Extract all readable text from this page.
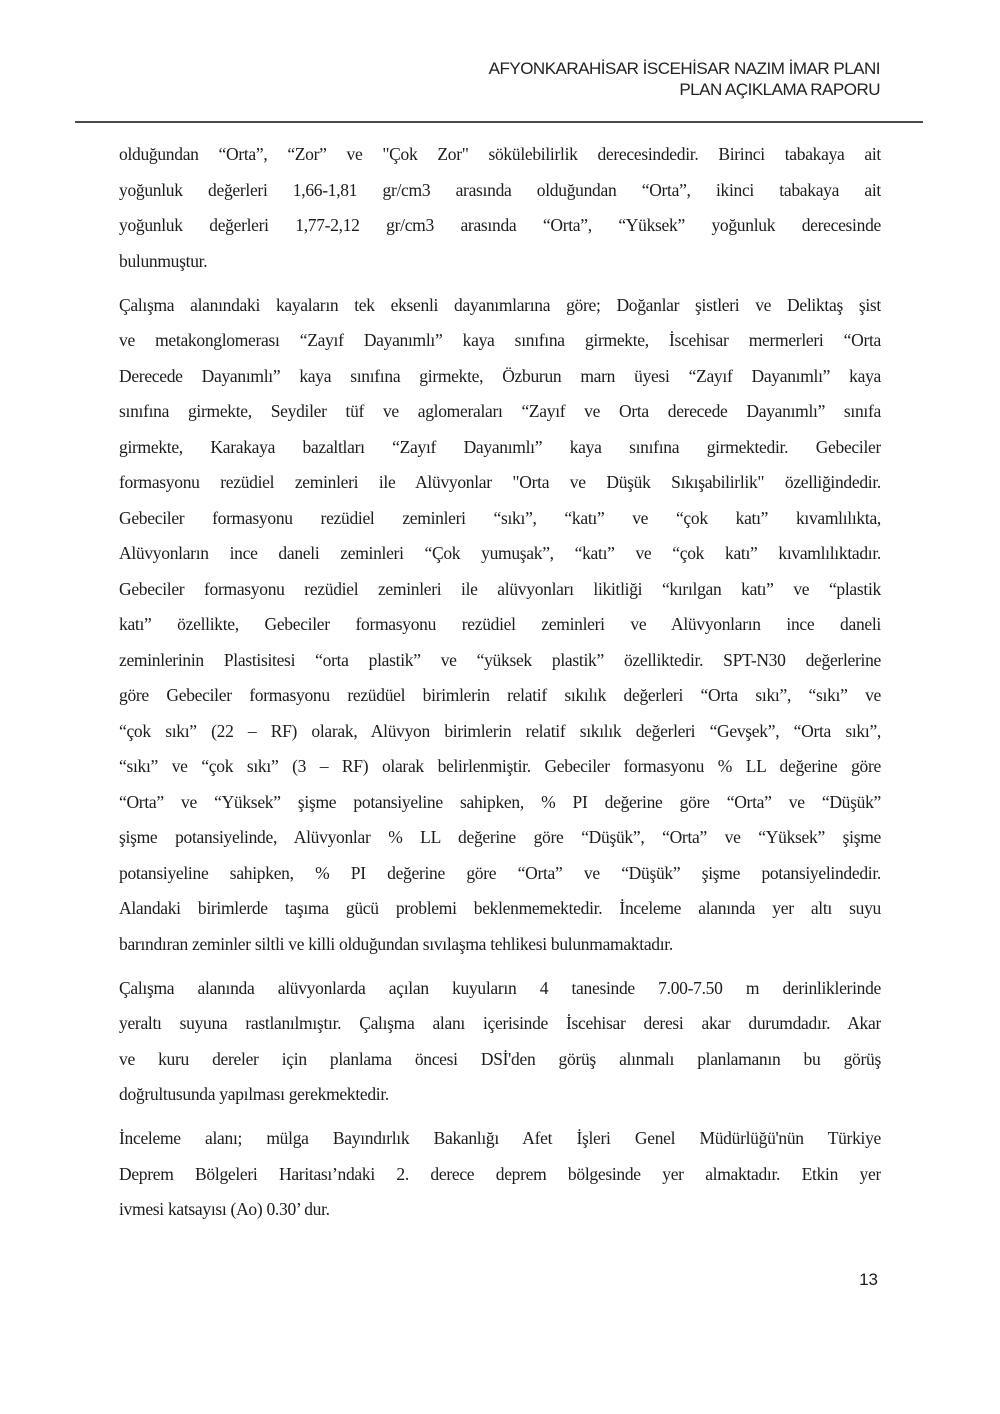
AFYONKARAHİSAR İSCEHİSAR NAZIM İMAR PLANI
PLAN AÇIKLAMA RAPORU
olduğundan “Orta”, “Zor” ve "Çok Zor" sökülebilirlik derecesindedir. Birinci tabakaya ait
yoğunluk değerleri 1,66-1,81 gr/cm3 arasında olduğundan “Orta”, ikinci tabakaya ait
yoğunluk değerleri 1,77-2,12 gr/cm3 arasında “Orta”, “Yüksek” yoğunluk derecesinde
bulunmuştur.
Çalışma alanındaki kayaların tek eksenli dayanımlarına göre; Doğanlar şistleri ve Deliktaş şist
ve metakonglomerası “Zayıf Dayanımlı” kaya sınıfına girmekte, İscehisar mermerleri “Orta
Derecede Dayanımlı” kaya sınıfına girmekte, Özburun marn üyesi “Zayıf Dayanımlı” kaya
sınıfına girmekte, Seydiler tüf ve aglomeraları “Zayıf ve Orta derecede Dayanımlı” sınıfa
girmekte, Karakaya bazaltları “Zayıf Dayanımlı” kaya sınıfına girmektedir. Gebeciler
formasyonu rezüdiel zeminleri ile Alüvyonlar "Orta ve Düşük Sıkışabilirlik" özelliğindedir.
Gebeciler formasyonu rezüdiel zeminleri “sıkı”, “katı” ve “çok katı” kıvamlılıkta,
Alüvyonların ince daneli zeminleri “Çok yumuşak”, “katı” ve “çok katı” kıvamlılıktadır.
Gebeciler formasyonu rezüdiel zeminleri ile alüvyonları likitliği “kırılgan katı” ve “plastik
katı” özellikte, Gebeciler formasyonu rezüdiel zeminleri ve Alüvyonların ince daneli
zeminlerinin Plastisitesi “orta plastik” ve “yüksek plastik” özelliktedir. SPT-N30 değerlerine
göre Gebeciler formasyonu rezüdüel birimlerin relatif sıkılık değerleri “Orta sıkı”, “sıkı” ve
“çok sıkı” (22 – RF) olarak, Alüvyon birimlerin relatif sıkılık değerleri “Gevşek”, “Orta sıkı”,
“sıkı” ve “çok sıkı” (3 – RF) olarak belirlenmiştir. Gebeciler formasyonu % LL değerine göre
“Orta” ve “Yüksek” şişme potansiyeline sahipken, % PI değerine göre “Orta” ve “Düşük”
şişme potansiyelinde, Alüvyonlar % LL değerine göre “Düşük”, “Orta” ve “Yüksek” şişme
potansiyeline sahipken, % PI değerine göre “Orta” ve “Düşük” şişme potansiyelindedir.
Alandaki birimlerde taşıma gücü problemi beklenmemektedir. İnceleme alanında yer altı suyu
barındıran zeminler siltli ve killi olduğundan sıvılaşma tehlikesi bulunmamaktadır.
Çalışma alanında alüvyonlarda açılan kuyuların 4 tanesinde 7.00-7.50 m derinliklerinde
yeraltı suyuna rastlanılmıştır. Çalışma alanı içerisinde İscehisar deresi akar durumdadır. Akar
ve kuru dereler için planlama öncesi DSİ'den görüş alınmalı planlamanın bu görüş
doğrultusunda yapılması gerekmektedir.
İnceleme alanı; mülga Bayındırlık Bakanlığı Afet İşleri Genel Müdürlüğü'nün Türkiye
Deprem Bölgeleri Haritası’ndaki 2. derece deprem bölgesinde yer almaktadır. Etkin yer
ivmesi katsayısı (Ao) 0.30’ dur.
13
